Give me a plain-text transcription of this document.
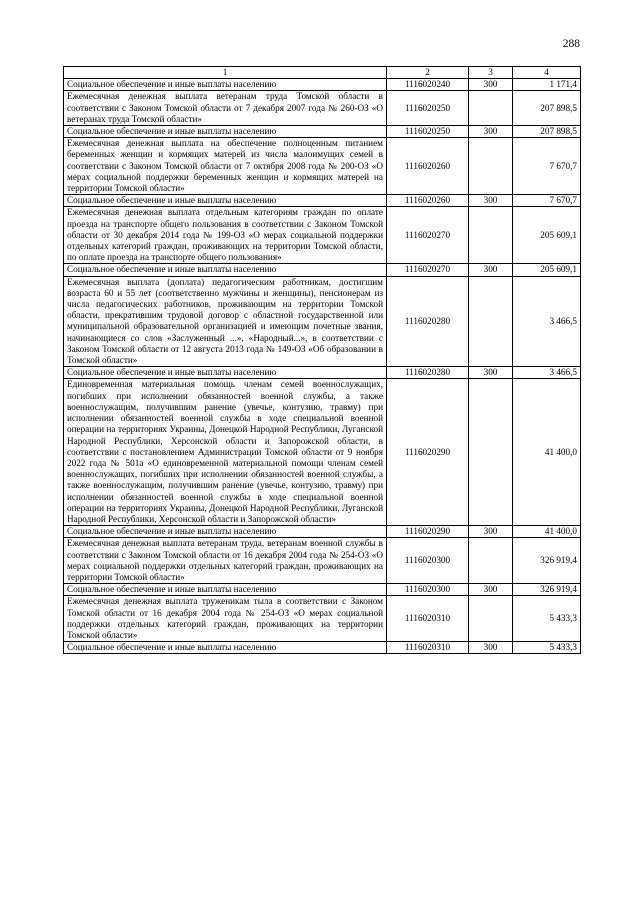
288
1	2	3	4
Социальное обеспечение и иные выплаты населению	1116020240	300	1 171,4
Ежемесячная денежная выплата ветеранам труда Томской области в соответствии с Законом Томской области от 7 декабря 2007 года № 260-ОЗ «О ветеранах труда Томской области»	1116020250		207 898,5
Социальное обеспечение и иные выплаты населению	1116020250	300	207 898,5
Ежемесячная денежная выплата на обеспечение полноценным питанием беременных женщин и кормящих матерей из числа малоимущих семей в соответствии с Законом Томской области от 7 октября 2008 года № 200-ОЗ «О мерах социальной поддержки беременных женщин и кормящих матерей на территории Томской области»	1116020260		7 670,7
Социальное обеспечение и иные выплаты населению	1116020260	300	7 670,7
Ежемесячная денежная выплата отдельным категориям граждан по оплате проезда на транспорте общего пользования в соответствии с Законом Томской области от 30 декабря 2014 года № 199-ОЗ «О мерах социальной поддержки отдельных категорий граждан, проживающих на территории Томской области, по оплате проезда на транспорте общего пользования»	1116020270		205 609,1
Социальное обеспечение и иные выплаты населению	1116020270	300	205 609,1
Ежемесячная выплата (доплата) педагогическим работникам, достигшим возраста 60 и 55 лет (соответственно мужчины и женщины), пенсионерам из числа педагогических работников, проживающим на территории Томской области, прекратившим трудовой договор с областной государственной или муниципальной образовательной организацией и имеющим почетные звания, начинающиеся со слов «Заслуженный ...», «Народный...», в соответствии с Законом Томской области от 12 августа 2013 года № 149-ОЗ «Об образовании в Томской области»	1116020280		3 466,5
Социальное обеспечение и иные выплаты населению	1116020280	300	3 466,5
Единовременная материальная помощь членам семей военнослужащих, погибших при исполнении обязанностей военной службы, а также военнослужащим, получившим ранение (увечье, контузию, травму) при исполнении обязанностей военной службы в ходе специальной военной операции на территориях Украины, Донецкой Народной Республики, Луганской Народной Республики, Херсонской области и Запорожской области, в соответствии с постановлением Администрации Томской области от 9 ноября 2022 года № 501а «О единовременной материальной помощи членам семей военнослужащих, погибших при исполнении обязанностей военной службы, а также военнослужащим, получившим ранение (увечье, контузию, травму) при исполнении обязанностей военной службы в ходе специальной военной операции на территориях Украины, Донецкой Народной Республики, Луганской Народной Республики, Херсонской области и Запорожской области»	1116020290		41 400,0
Социальное обеспечение и иные выплаты населению	1116020290	300	41 400,0
Ежемесячная денежная выплата ветеранам труда, ветеранам военной службы в соответствии с Законом Томской области от 16 декабря 2004 года № 254-ОЗ «О мерах социальной поддержки отдельных категорий граждан, проживающих на территории Томской области»	1116020300		326 919,4
Социальное обеспечение и иные выплаты населению	1116020300	300	326 919,4
Ежемесячная денежная выплата труженикам тыла в соответствии с Законом Томской области от 16 декабря 2004 года № 254-ОЗ «О мерах социальной поддержки отдельных категорий граждан, проживающих на территории Томской области»	1116020310		5 433,3
Социальное обеспечение и иные выплаты населению	1116020310	300	5 433,3
